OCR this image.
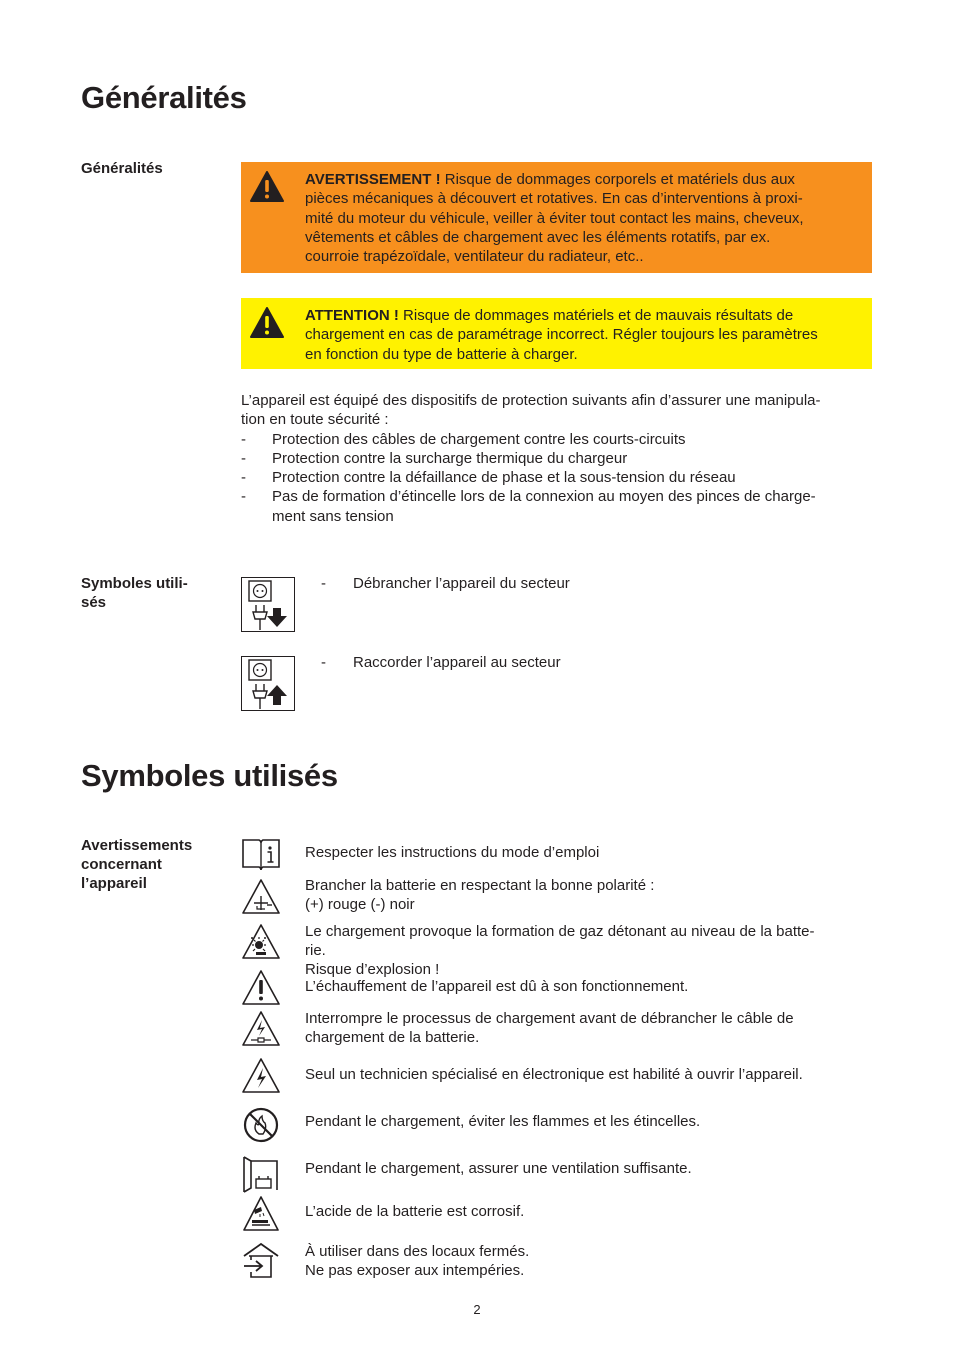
Généralités
Généralités
AVERTISSEMENT ! Risque de dommages corporels et matériels dus aux
pièces mécaniques à découvert et rotatives. En cas d’interventions à proxi-
mité du moteur du véhicule, veiller à éviter tout contact les mains, cheveux,
vêtements et câbles de chargement avec les éléments rotatifs, par ex.
courroie trapézoïdale, ventilateur du radiateur, etc..
ATTENTION ! Risque de dommages matériels et de mauvais résultats de
chargement en cas de paramétrage incorrect. Régler toujours les paramètres
en fonction du type de batterie à charger.
L’appareil est équipé des dispositifs de protection suivants afin d’assurer une manipula-
tion en toute sécurité :
- Protection des câbles de chargement contre les courts-circuits
- Protection contre la surcharge thermique du chargeur
- Protection contre la défaillance de phase et la sous-tension du réseau
- Pas de formation d’étincelle lors de la connexion au moyen des pinces de charge-
ment sans tension
Symboles utili-
sés
- Débrancher l’appareil du secteur
- Raccorder l’appareil au secteur
Symboles utilisés
Avertissements
concernant
l’appareil
Respecter les instructions du mode d’emploi
Brancher la batterie en respectant la bonne polarité :
(+) rouge (-) noir
Le chargement provoque la formation de gaz détonant au niveau de la batte-
rie.
Risque d’explosion !
L’échauffement de l’appareil est dû à son fonctionnement.
Interrompre le processus de chargement avant de débrancher le câble de
chargement de la batterie.
Seul un technicien spécialisé en électronique est habilité à ouvrir l’appareil.
Pendant le chargement, éviter les flammes et les étincelles.
Pendant le chargement, assurer une ventilation suffisante.
L’acide de la batterie est corrosif.
À utiliser dans des locaux fermés.
Ne pas exposer aux intempéries.
2
